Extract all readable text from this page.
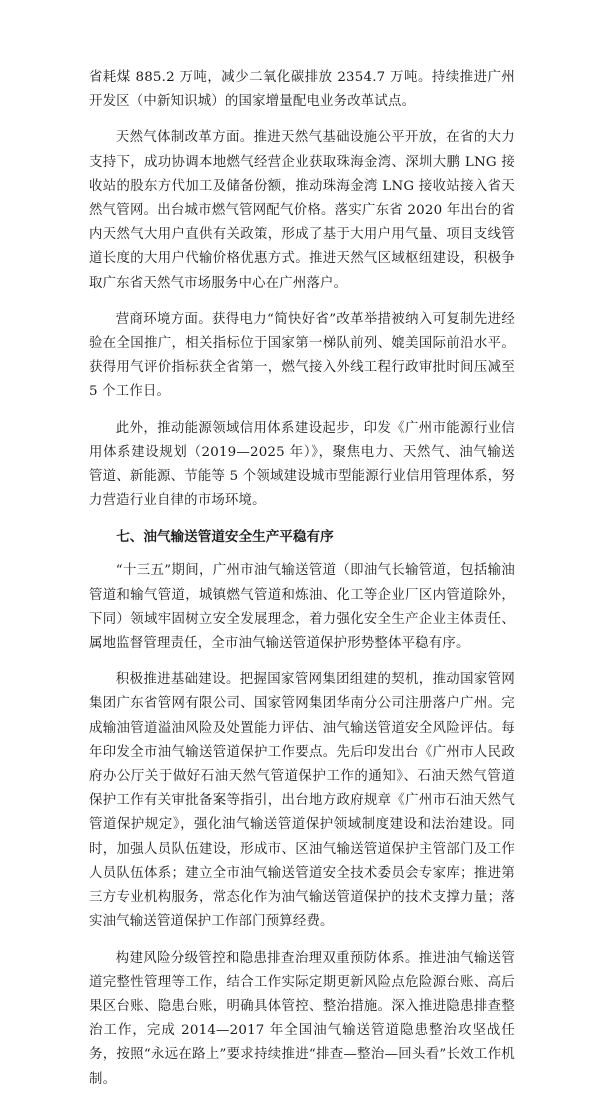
省耗煤 885.2 万吨，减少二氧化碳排放 2354.7 万吨。持续推进广州开发区（中新知识城）的国家增量配电业务改革试点。

天然气体制改革方面。推进天然气基础设施公平开放，在省的大力支持下，成功协调本地燃气经营企业获取珠海金湾、深圳大鹏 LNG 接收站的股东方代加工及储备份额，推动珠海金湾 LNG 接收站接入省天然气管网。出台城市燃气管网配气价格。落实广东省 2020 年出台的省内天然气大用户直供有关政策，形成了基于大用户用气量、项目支线管道长度的大用户代输价格优惠方式。推进天然气区域枢纽建设，积极争取广东省天然气市场服务中心在广州落户。

营商环境方面。获得电力“简快好省”改革举措被纳入可复制先进经验在全国推广，相关指标位于国家第一梯队前列、媲美国际前沿水平。获得用气评价指标获全省第一，燃气接入外线工程行政审批时间压减至 5 个工作日。

此外，推动能源领域信用体系建设起步，印发《广州市能源行业信用体系建设规划（2019—2025 年）》，聚焦电力、天然气、油气输送管道、新能源、节能等 5 个领域建设城市型能源行业信用管理体系，努力营造行业自律的市场环境。

七、油气输送管道安全生产平稳有序

“十三五”期间，广州市油气输送管道（即油气长输管道，包括输油管道和输气管道，城镇燃气管道和炼油、化工等企业厂区内管道除外，下同）领域牢固树立安全发展理念，着力强化安全生产企业主体责任、属地监督管理责任，全市油气输送管道保护形势整体平稳有序。

积极推进基础建设。把握国家管网集团组建的契机，推动国家管网集团广东省管网有限公司、国家管网集团华南分公司注册落户广州。完成输油管道溢油风险及处置能力评估、油气输送管道安全风险评估。每年印发全市油气输送管道保护工作要点。先后印发出台《广州市人民政府办公厅关于做好石油天然气管道保护工作的通知》、石油天然气管道保护工作有关审批备案等指引，出台地方政府规章《广州市石油天然气管道保护规定》，强化油气输送管道保护领域制度建设和法治建设。同时，加强人员队伍建设，形成市、区油气输送管道保护主管部门及工作人员队伍体系；建立全市油气输送管道安全技术委员会专家库；推进第三方专业机构服务，常态化作为油气输送管道保护的技术支撑力量；落实油气输送管道保护工作部门预算经费。

构建风险分级管控和隐患排查治理双重预防体系。推进油气输送管道完整性管理等工作，结合工作实际定期更新风险点危险源台账、高后果区台账、隐患台账，明确具体管控、整治措施。深入推进隐患排查整治工作，完成 2014—2017 年全国油气输送管道隐患整治攻坚战任务，按照“永远在路上”要求持续推进“排查—整治—回头看”长效工作机制。
